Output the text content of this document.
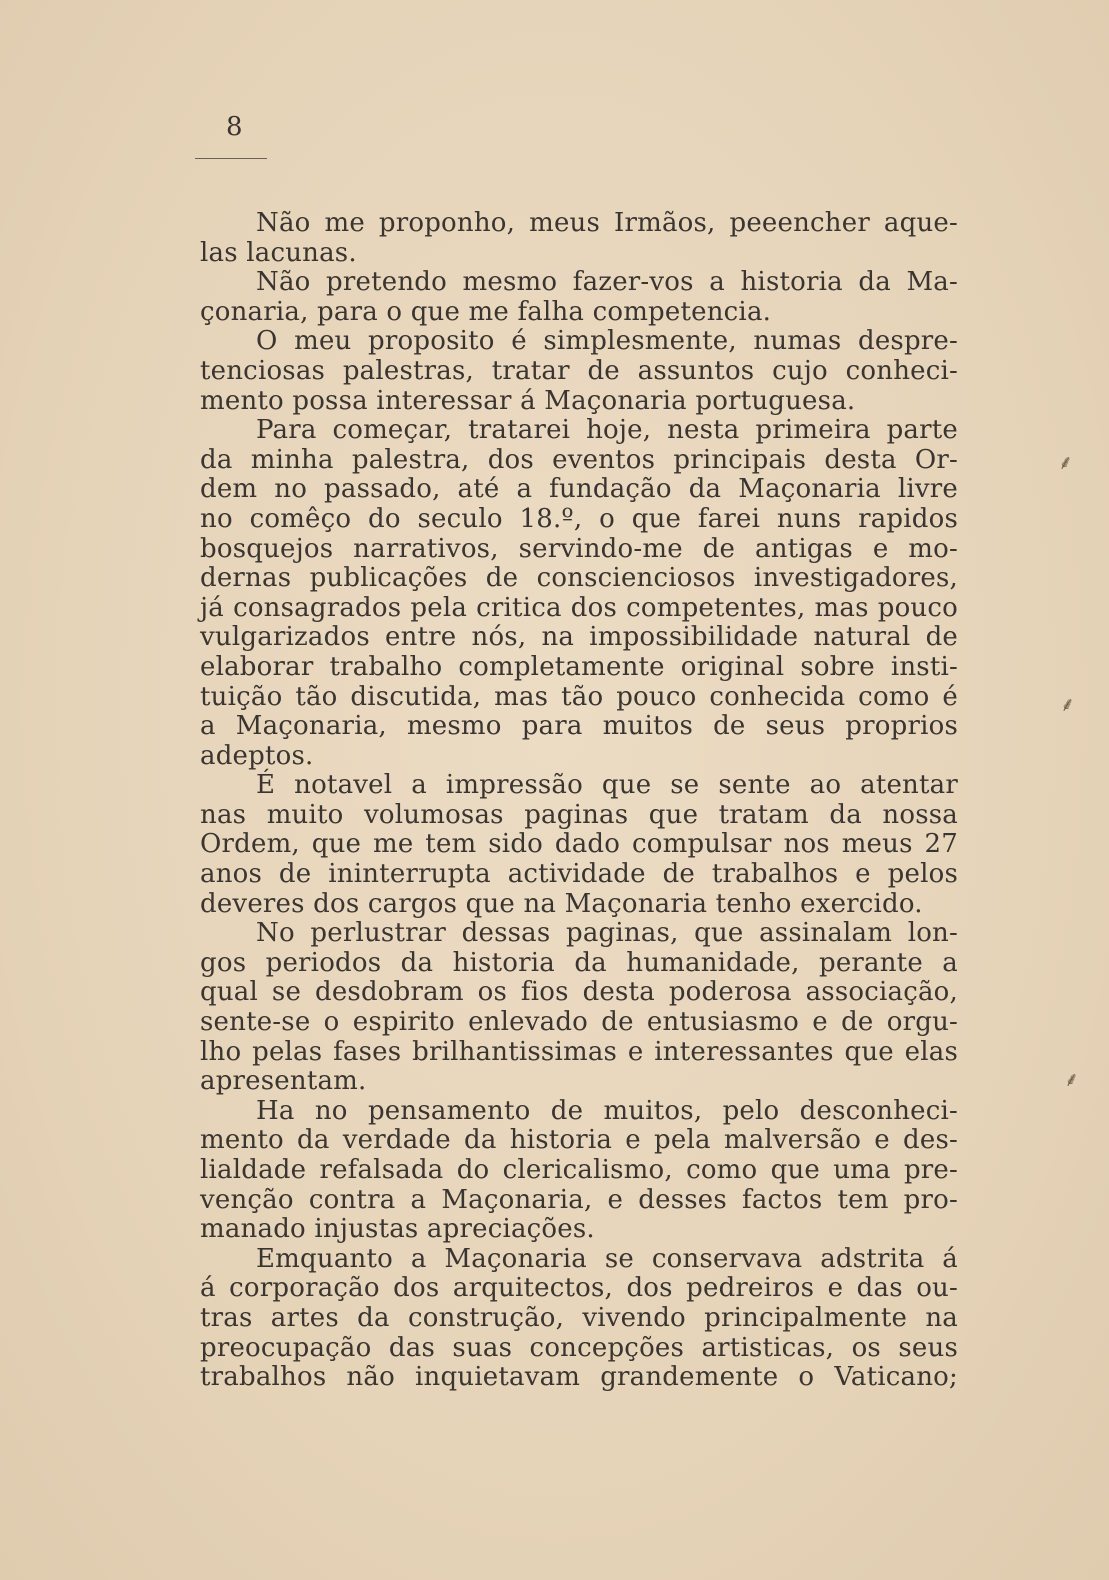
8
Não me proponho, meus Irmãos, peeencher aque-
las lacunas.
Não pretendo mesmo fazer-vos a historia da Ma-
çonaria, para o que me falha competencia.
O meu proposito é simplesmente, numas despre-
tenciosas palestras, tratar de assuntos cujo conheci-
mento possa interessar á Maçonaria portuguesa.
Para começar, tratarei hoje, nesta primeira parte
da minha palestra, dos eventos principais desta Or-
dem no passado, até a fundação da Maçonaria livre
no comêço do seculo 18.º, o que farei nuns rapidos
bosquejos narrativos, servindo-me de antigas e mo-
dernas publicações de conscienciosos investigadores,
já consagrados pela critica dos competentes, mas pouco
vulgarizados entre nós, na impossibilidade natural de
elaborar trabalho completamente original sobre insti-
tuição tão discutida, mas tão pouco conhecida como é
a Maçonaria, mesmo para muitos de seus proprios
adeptos.
É notavel a impressão que se sente ao atentar
nas muito volumosas paginas que tratam da nossa
Ordem, que me tem sido dado compulsar nos meus 27
anos de ininterrupta actividade de trabalhos e pelos
deveres dos cargos que na Maçonaria tenho exercido.
No perlustrar dessas paginas, que assinalam lon-
gos periodos da historia da humanidade, perante a
qual se desdobram os fios desta poderosa associação,
sente-se o espirito enlevado de entusiasmo e de orgu-
lho pelas fases brilhantissimas e interessantes que elas
apresentam.
Ha no pensamento de muitos, pelo desconheci-
mento da verdade da historia e pela malversão e des-
lialdade refalsada do clericalismo, como que uma pre-
venção contra a Maçonaria, e desses factos tem pro-
manado injustas apreciações.
Emquanto a Maçonaria se conservava adstrita á
á corporação dos arquitectos, dos pedreiros e das ou-
tras artes da construção, vivendo principalmente na
preocupação das suas concepções artisticas, os seus
trabalhos não inquietavam grandemente o Vaticano;
⸙
⸙
⸙
